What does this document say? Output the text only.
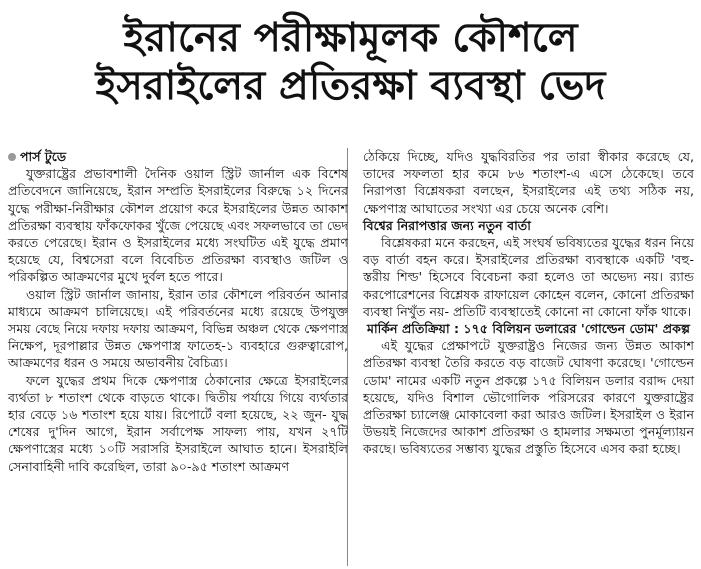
ইরানের পরীক্ষামূলক কৌশলে
ইসরাইলের প্রতিরক্ষা ব্যবস্থা ভেদ
পার্স টুডে

যুক্তরাষ্ট্রের প্রভাবশালী দৈনিক ওয়াল স্ট্রিট জার্নাল এক বিশেষ প্রতিবেদনে জানিয়েছে, ইরান সম্প্রতি ইসরাইলের বিরুদ্ধে ১২ দিনের যুদ্ধে পরীক্ষা-নিরীক্ষার কৌশল প্রয়োগ করে ইসরাইলের উন্নত আকাশ প্রতিরক্ষা ব্যবস্থায় ফাঁকফোকর খুঁজে পেয়েছে এবং সফলভাবে তা ভেদ করতে পেরেছে। ইরান ও ইসরাইলের মধ্যে সংঘটিত এই যুদ্ধে প্রমাণ হয়েছে যে, বিশ্বসেরা বলে বিবেচিত প্রতিরক্ষা ব্যবস্থাও জটিল ও পরিকল্পিত আক্রমণের মুখে দুর্বল হতে পারে।

ওয়াল স্ট্রিট জার্নাল জানায়, ইরান তার কৌশলে পরিবর্তন আনার মাধ্যমে আক্রমণ চালিয়েছে। এই পরিবর্তনের মধ্যে রয়েছে উপযুক্ত সময় বেছে নিয়ে দফায় দফায় আক্রমণ, বিভিন্ন অঞ্চল থেকে ক্ষেপণাস্ত্র নিক্ষেপ, দূরপাল্লার উন্নত ক্ষেপণাস্ত্র ফাতেহ-১ ব্যবহারে গুরুত্বারোপ, আক্রমণের ধরন ও সময়ে অভাবনীয় বৈচিত্র্য।

ফলে যুদ্ধের প্রথম দিকে ক্ষেপণাস্ত্র ঠেকানোর ক্ষেত্রে ইসরাইলের ব্যর্থতা ৮ শতাংশ থেকে বাড়তে থাকে। দ্বিতীয় পর্যায়ে গিয়ে ব্যর্থতার হার বেড়ে ১৬ শতাংশ হয়ে যায়। রিপোর্টে বলা হয়েছে, ২২ জুন- যুদ্ধ শেষের দু'দিন আগে, ইরান সর্বাপেক্ষ সাফল্য পায়, যখন ২৭টি ক্ষেপণাস্ত্রের মধ্যে ১০টি সরাসরি ইসরাইলে আঘাত হানে। ইসরাইলি সেনাবাহিনী দাবি করেছিল, তারা ৯০-৯৫ শতাংশ আক্রমণ

ঠেকিয়ে দিচ্ছে, যদিও যুদ্ধবিরতির পর তারা স্বীকার করেছে যে, তাদের সফলতা হার কমে ৮৬ শতাংশ-এ এসে ঠেকেছে। তবে নিরাপত্তা বিশ্লেষকরা বলছেন, ইসরাইলের এই তথ্য সঠিক নয়, ক্ষেপণাস্ত্র আঘাতের সংখ্যা এর চেয়ে অনেক বেশি।

বিশ্বের নিরাপত্তার জন্য নতুন বার্তা

বিশ্লেষকরা মনে করছেন, এই সংঘর্ষ ভবিষ্যতের যুদ্ধের ধরন নিয়ে বড় বার্তা বহন করে। ইসরাইলের প্রতিরক্ষা ব্যবস্থাকে একটি 'বহু-স্তরীয় শিল্ড' হিসেবে বিবেচনা করা হলেও তা অভেদ্য নয়। র‍্যান্ড করপোরেশনের বিশ্লেষক রাফায়েল কোহেন বলেন, কোনো প্রতিরক্ষা ব্যবস্থা নিখুঁত নয়- প্রতিটি ব্যবস্থাতেই কোনো না কোনো ফাঁক থাকে।

মার্কিন প্রতিক্রিয়া : ১৭৫ বিলিয়ন ডলারের 'গোল্ডেন ডোম' প্রকল্প

এই যুদ্ধের প্রেক্ষাপটে যুক্তরাষ্ট্রও নিজের জন্য উন্নত আকাশ প্রতিরক্ষা ব্যবস্থা তৈরি করতে বড় বাজেট ঘোষণা করেছে। 'গোল্ডেন ডোম' নামের একটি নতুন প্রকল্পে ১৭৫ বিলিয়ন ডলার বরাদ্দ দেয়া হয়েছে, যদিও বিশাল ভৌগোলিক পরিসরের কারণে যুক্তরাষ্ট্রের প্রতিরক্ষা চ্যালেঞ্জ মোকাবেলা করা আরও জটিল। ইসরাইল ও ইরান উভয়ই নিজেদের আকাশ প্রতিরক্ষা ও হামলার সক্ষমতা পুনর্মূল্যায়ন করছে। ভবিষ্যতের সম্ভাব্য যুদ্ধের প্রস্তুতি হিসেবে এসব করা হচ্ছে।
